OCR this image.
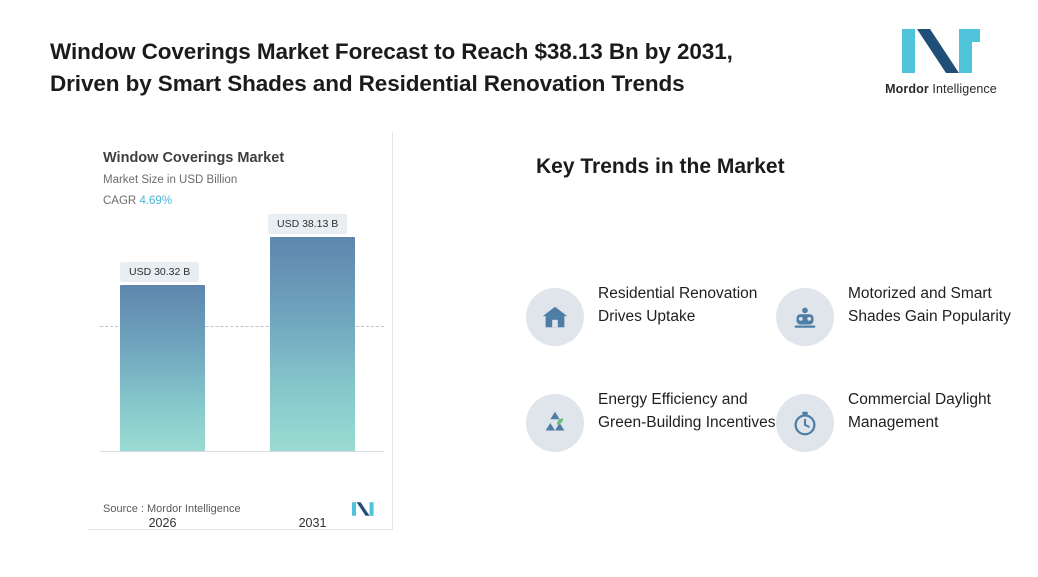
Window Coverings Market Forecast to Reach $38.13 Bn by 2031,
Driven by Smart Shades and Residential Renovation Trends	Mordor Intelligence
Window Coverings Market
Market Size in USD Billion
CAGR 4.69%
USD 30.32 B
USD 38.13 B
2026	2031
Source : Mordor Intelligence
Key Trends in the Market
Residential Renovation Drives Uptake
Motorized and Smart Shades Gain Popularity
Energy Efficiency and Green-Building Incentives
Commercial Daylight Management
